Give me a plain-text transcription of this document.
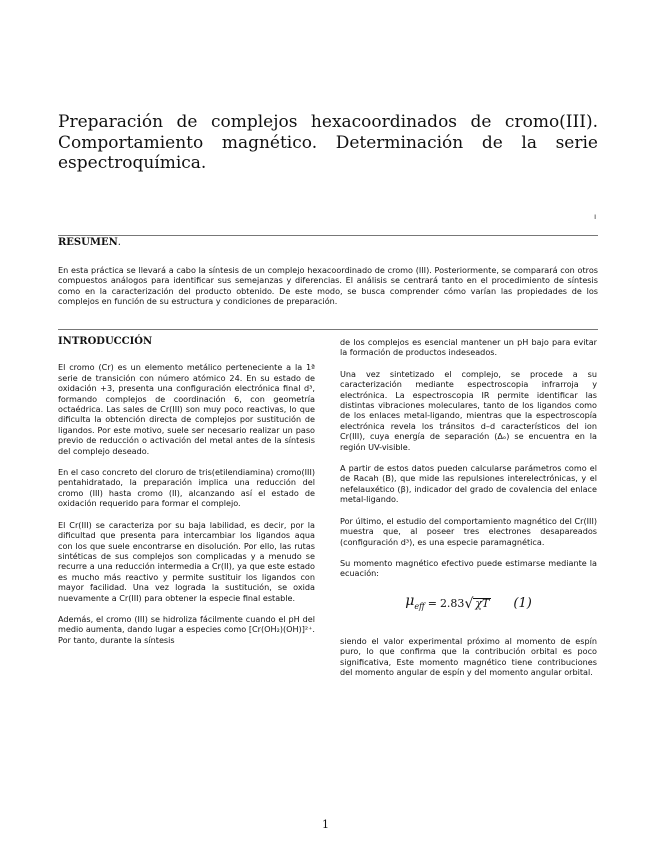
Preparación de complejos hexacoordinados de cromo(III). Comportamiento magnético. Determinación de la serie espectroquímica.
ı
RESUMEN.

En esta práctica se llevará a cabo la síntesis de un complejo hexacoordinado de cromo (III). Posteriormente, se comparará con otros compuestos análogos para identificar sus semejanzas y diferencias. El análisis se centrará tanto en el procedimiento de síntesis como en la caracterización del producto obtenido. De este modo, se busca comprender cómo varían las propiedades de los complejos en función de su estructura y condiciones de preparación.

INTRODUCCIÓN

El cromo (Cr) es un elemento metálico perteneciente a la 1ª serie de transición con número atómico 24. En su estado de oxidación +3, presenta una configuración electrónica final d³, formando complejos de coordinación 6, con geometría octaédrica. Las sales de Cr(III) son muy poco reactivas, lo que dificulta la obtención directa de complejos por sustitución de ligandos. Por este motivo, suele ser necesario realizar un paso previo de reducción o activación del metal antes de la síntesis del complejo deseado.

En el caso concreto del cloruro de tris(etilendiamina) cromo(III) pentahidratado, la preparación implica una reducción del cromo (III) hasta cromo (II), alcanzando así el estado de oxidación requerido para formar el complejo.

El Cr(III) se caracteriza por su baja labilidad, es decir, por la dificultad que presenta para intercambiar los ligandos aqua con los que suele encontrarse en disolución. Por ello, las rutas sintéticas de sus complejos son complicadas y a menudo se recurre a una reducción intermedia a Cr(II), ya que este estado es mucho más reactivo y permite sustituir los ligandos con mayor facilidad. Una vez lograda la sustitución, se oxida nuevamente a Cr(III) para obtener la especie final estable.

Además, el cromo (III) se hidroliza fácilmente cuando el pH del medio aumenta, dando lugar a especies como [Cr(OH₂)(OH)]²⁺. Por tanto, durante la síntesis

de los complejos es esencial mantener un pH bajo para evitar la formación de productos indeseados.

Una vez sintetizado el complejo, se procede a su caracterización mediante espectroscopia infrarroja y electrónica. La espectroscopia IR permite identificar las distintas vibraciones moleculares, tanto de los ligandos como de los enlaces metal-ligando, mientras que la espectroscopía electrónica revela los tránsitos d–d característicos del ion Cr(III), cuya energía de separación (Δₒ) se encuentra en la región UV-visible.

A partir de estos datos pueden calcularse parámetros como el de Racah (B), que mide las repulsiones interelectrónicas, y el nefelauxético (β), indicador del grado de covalencia del enlace metal-ligando.

Por último, el estudio del comportamiento magnético del Cr(III) muestra que, al poseer tres electrones desapareados (configuración d³), es una especie paramagnética.

Su momento magnético efectivo puede estimarse mediante la ecuación:

$\mu_{eff} = 2.83$ √ χT (1)

siendo el valor experimental próximo al momento de espín puro, lo que confirma que la contribución orbital es poco significativa, Este momento magnético tiene contribuciones del momento angular de espín y del momento angular orbital.

1
